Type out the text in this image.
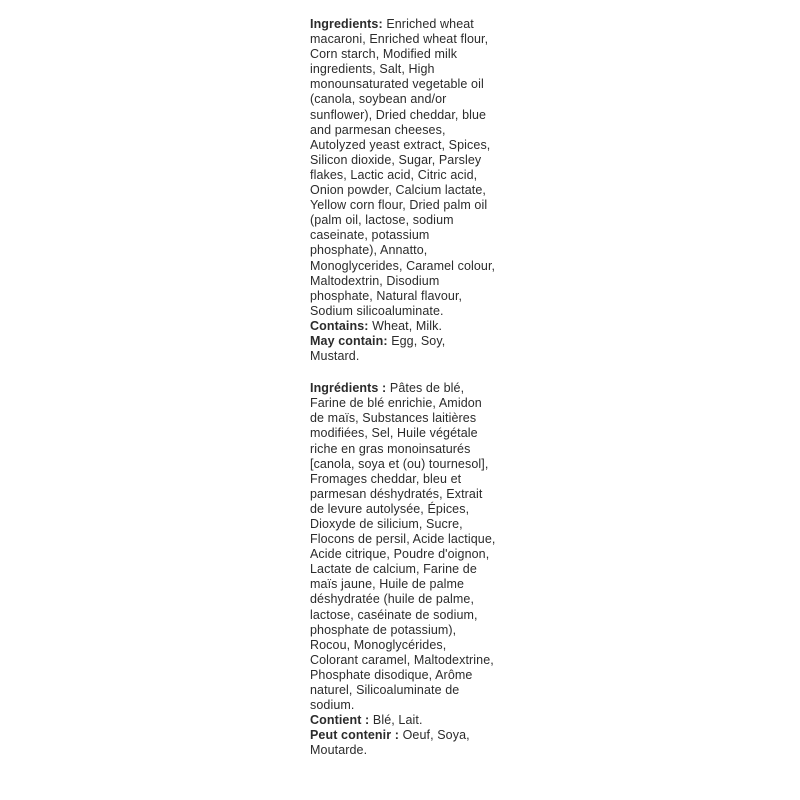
Ingredients: Enriched wheat macaroni, Enriched wheat flour, Corn starch, Modified milk ingredients, Salt, High monounsaturated vegetable oil (canola, soybean and/or sunflower), Dried cheddar, blue and parmesan cheeses, Autolyzed yeast extract, Spices, Silicon dioxide, Sugar, Parsley flakes, Lactic acid, Citric acid, Onion powder, Calcium lactate, Yellow corn flour, Dried palm oil (palm oil, lactose, sodium caseinate, potassium phosphate), Annatto, Monoglycerides, Caramel colour, Maltodextrin, Disodium phosphate, Natural flavour, Sodium silicoaluminate.

Contains: Wheat, Milk.

May contain: Egg, Soy, Mustard.

Ingrédients : Pâtes de blé, Farine de blé enrichie, Amidon de maïs, Substances laitières modifiées, Sel, Huile végétale riche en gras monoinsaturés [canola, soya et (ou) tournesol], Fromages cheddar, bleu et parmesan déshydratés, Extrait de levure autolysée, Épices, Dioxyde de silicium, Sucre, Flocons de persil, Acide lactique, Acide citrique, Poudre d'oignon, Lactate de calcium, Farine de maïs jaune, Huile de palme déshydratée (huile de palme, lactose, caséinate de sodium, phosphate de potassium), Rocou, Monoglycérides, Colorant caramel, Maltodextrine, Phosphate disodique, Arôme naturel, Silicoaluminate de sodium.

Contient : Blé, Lait.

Peut contenir : Oeuf, Soya, Moutarde.
